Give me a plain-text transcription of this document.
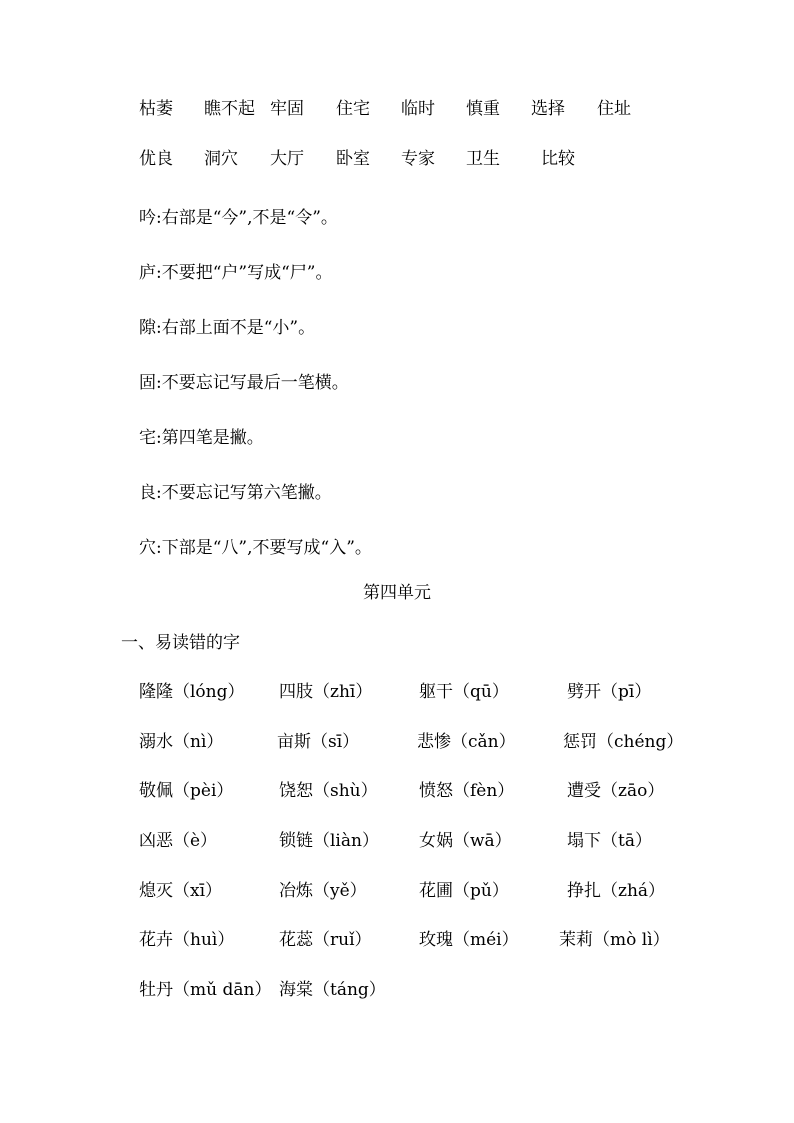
枯萎 瞧不起 牢固 住宅 临时 慎重 选择 住址
优良 洞穴 大厅 卧室 专家 卫生 比较
吟:右部是“今”,不是“令”。
庐:不要把“户”写成“尸”。
隙:右部上面不是“小”。
固:不要忘记写最后一笔横。
宅:第四笔是撇。
良:不要忘记写第六笔撇。
穴:下部是“八”,不要写成“入”。
第四单元
一、易读错的字
隆隆（lóng） 四肢（zhī）	躯干（qū）	劈开（pī）
溺水（nì）	亩斯（sī）	悲惨（cǎn）	惩罚（chéng）
敬佩（pèi）	饶恕（shù） 愤怒（fèn）	遭受（zāo）
凶恶（è）	锁链（liàn） 女娲（wā）	塌下（tā）
熄灭（xī）	冶炼（yě）	花圃（pǔ）	挣扎（zhá）
花卉（huì）	花蕊（ruǐ）	玫瑰（méi） 茉莉（mò lì）
牡丹（mǔ dān） 海棠（táng）
